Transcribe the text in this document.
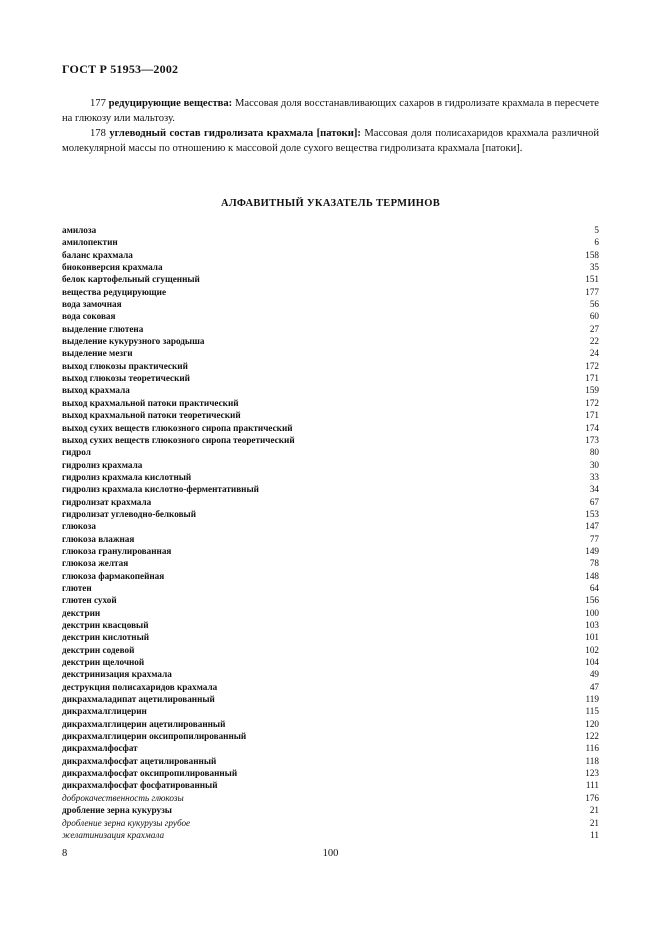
ГОСТ Р 51953—2002

177 редуцирующие вещества: Массовая доля восстанавливающих сахаров в гидролизате крахмала в пересчете на глюкозу или мальтозу.

178 углеводный состав гидролизата крахмала [патоки]: Массовая доля полисахаридов крахмала различной молекулярной массы по отношению к массовой доле сухого вещества гидролизата крахмала [патоки].

АЛФАВИТНЫЙ УКАЗАТЕЛЬ ТЕРМИНОВ
амилоза	5
амилопектин	6
баланс крахмала	158
биоконверсия крахмала	35
белок картофельный сгущенный	151
вещества редуцирующие	177
вода замочная	56
вода соковая	60
выделение глютена	27
выделение кукурузного зародыша	22
выделение мезги	24
выход глюкозы практический	172
выход глюкозы теоретический	171
выход крахмала	159
выход крахмальной патоки практический	172
выход крахмальной патоки теоретический	171
выход сухих веществ глюкозного сиропа практический	174
выход сухих веществ глюкозного сиропа теоретический	173
гидрол	80
гидролиз крахмала	30
гидролиз крахмала кислотный	33
гидролиз крахмала кислотно-ферментативный	34
гидролизат крахмала	67
гидролизат углеводно-белковый	153
глюкоза	147
глюкоза влажная	77
глюкоза гранулированная	149
глюкоза желтая	78
глюкоза фармакопейная	148
глютен	64
глютен сухой	156
декстрин	100
декстрин квасцовый	103
декстрин кислотный	101
декстрин содевой	102
декстрин щелочной	104
декстринизация крахмала	49
деструкция полисахаридов крахмала	47
дикрахмаладипат ацетилированный	119
дикрахмалглицерин	115
дикрахмалглицерин ацетилированный	120
дикрахмалглицерин оксипропилированный	122
дикрахмалфосфат	116
дикрахмалфосфат ацетилированный	118
дикрахмалфосфат оксипропилированный	123
дикрахмалфосфат фосфатированный	111
доброкачественность глюкозы	176
дробление зерна кукурузы	21
дробление зерна кукурузы грубое	21
желатинизация крахмала	11
8	100
